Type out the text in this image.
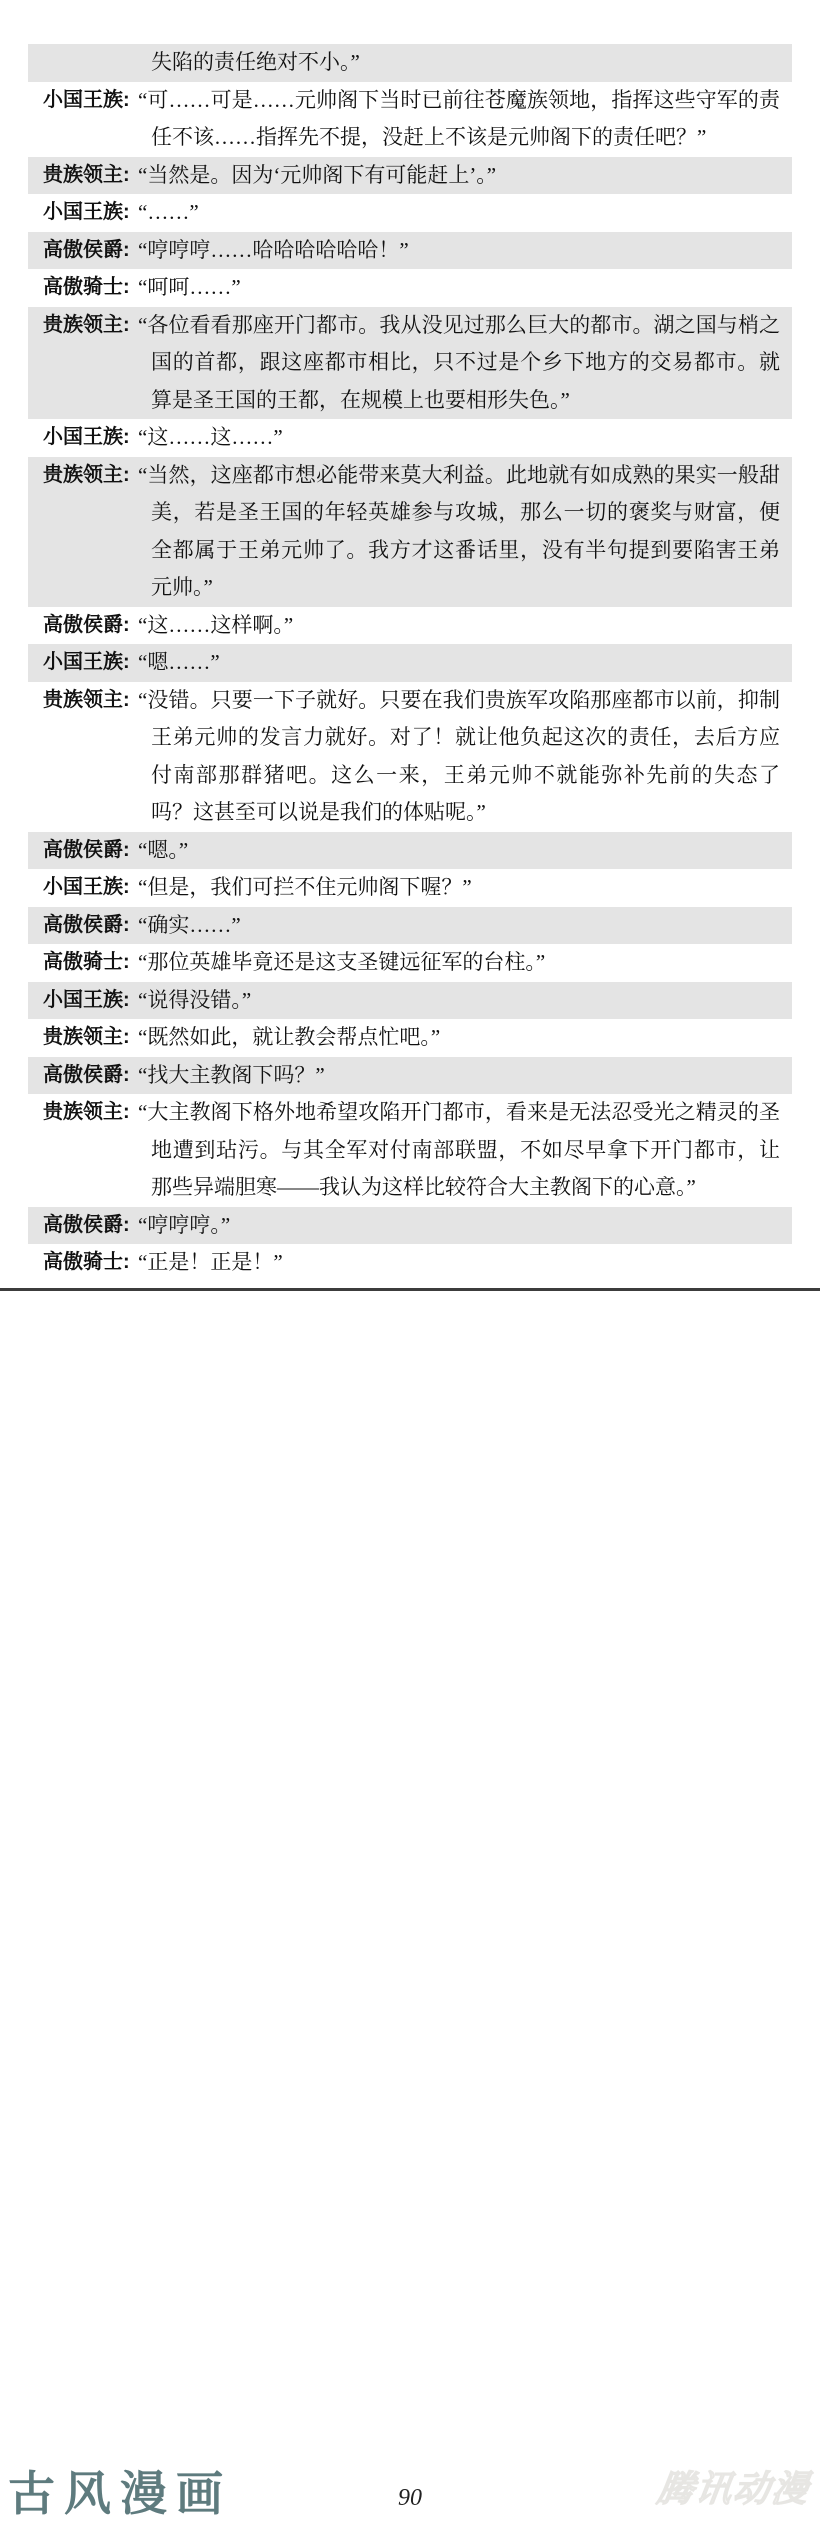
失陷的责任绝对不小。”
小国王族: “可……可是……元帅阁下当时已前往苍魔族领地，指挥这些守军的责任不该……指挥先不提，没赶上不该是元帅阁下的责任吧？”
贵族领主: “当然是。因为‘元帅阁下有可能赶上’。”
小国王族: “……”
高傲侯爵: “哼哼哼……哈哈哈哈哈哈！”
高傲骑士: “呵呵……”
贵族领主: “各位看看那座开门都市。我从没见过那么巨大的都市。湖之国与梢之国的首都，跟这座都市相比，只不过是个乡下地方的交易都市。就算是圣王国的王都，在规模上也要相形失色。”
小国王族: “这……这……”
贵族领主: “当然，这座都市想必能带来莫大利益。此地就有如成熟的果实一般甜美，若是圣王国的年轻英雄参与攻城，那么一切的褒奖与财富，便全都属于王弟元帅了。我方才这番话里，没有半句提到要陷害王弟元帅。”
高傲侯爵: “这……这样啊。”
小国王族: “嗯……”
贵族领主: “没错。只要一下子就好。只要在我们贵族军攻陷那座都市以前，抑制王弟元帅的发言力就好。对了！就让他负起这次的责任，去后方应付南部那群猪吧。这么一来，王弟元帅不就能弥补先前的失态了吗？这甚至可以说是我们的体贴呢。”
高傲侯爵: “嗯。”
小国王族: “但是，我们可拦不住元帅阁下喔？”
高傲侯爵: “确实……”
高傲骑士: “那位英雄毕竟还是这支圣键远征军的台柱。”
小国王族: “说得没错。”
贵族领主: “既然如此，就让教会帮点忙吧。”
高傲侯爵: “找大主教阁下吗？”
贵族领主: “大主教阁下格外地希望攻陷开门都市，看来是无法忍受光之精灵的圣地遭到玷污。与其全军对付南部联盟，不如尽早拿下开门都市，让那些异端胆寒——我认为这样比较符合大主教阁下的心意。”
高傲侯爵: “哼哼哼。”
高傲骑士: “正是！正是！”
古风漫画	90	腾讯动漫
